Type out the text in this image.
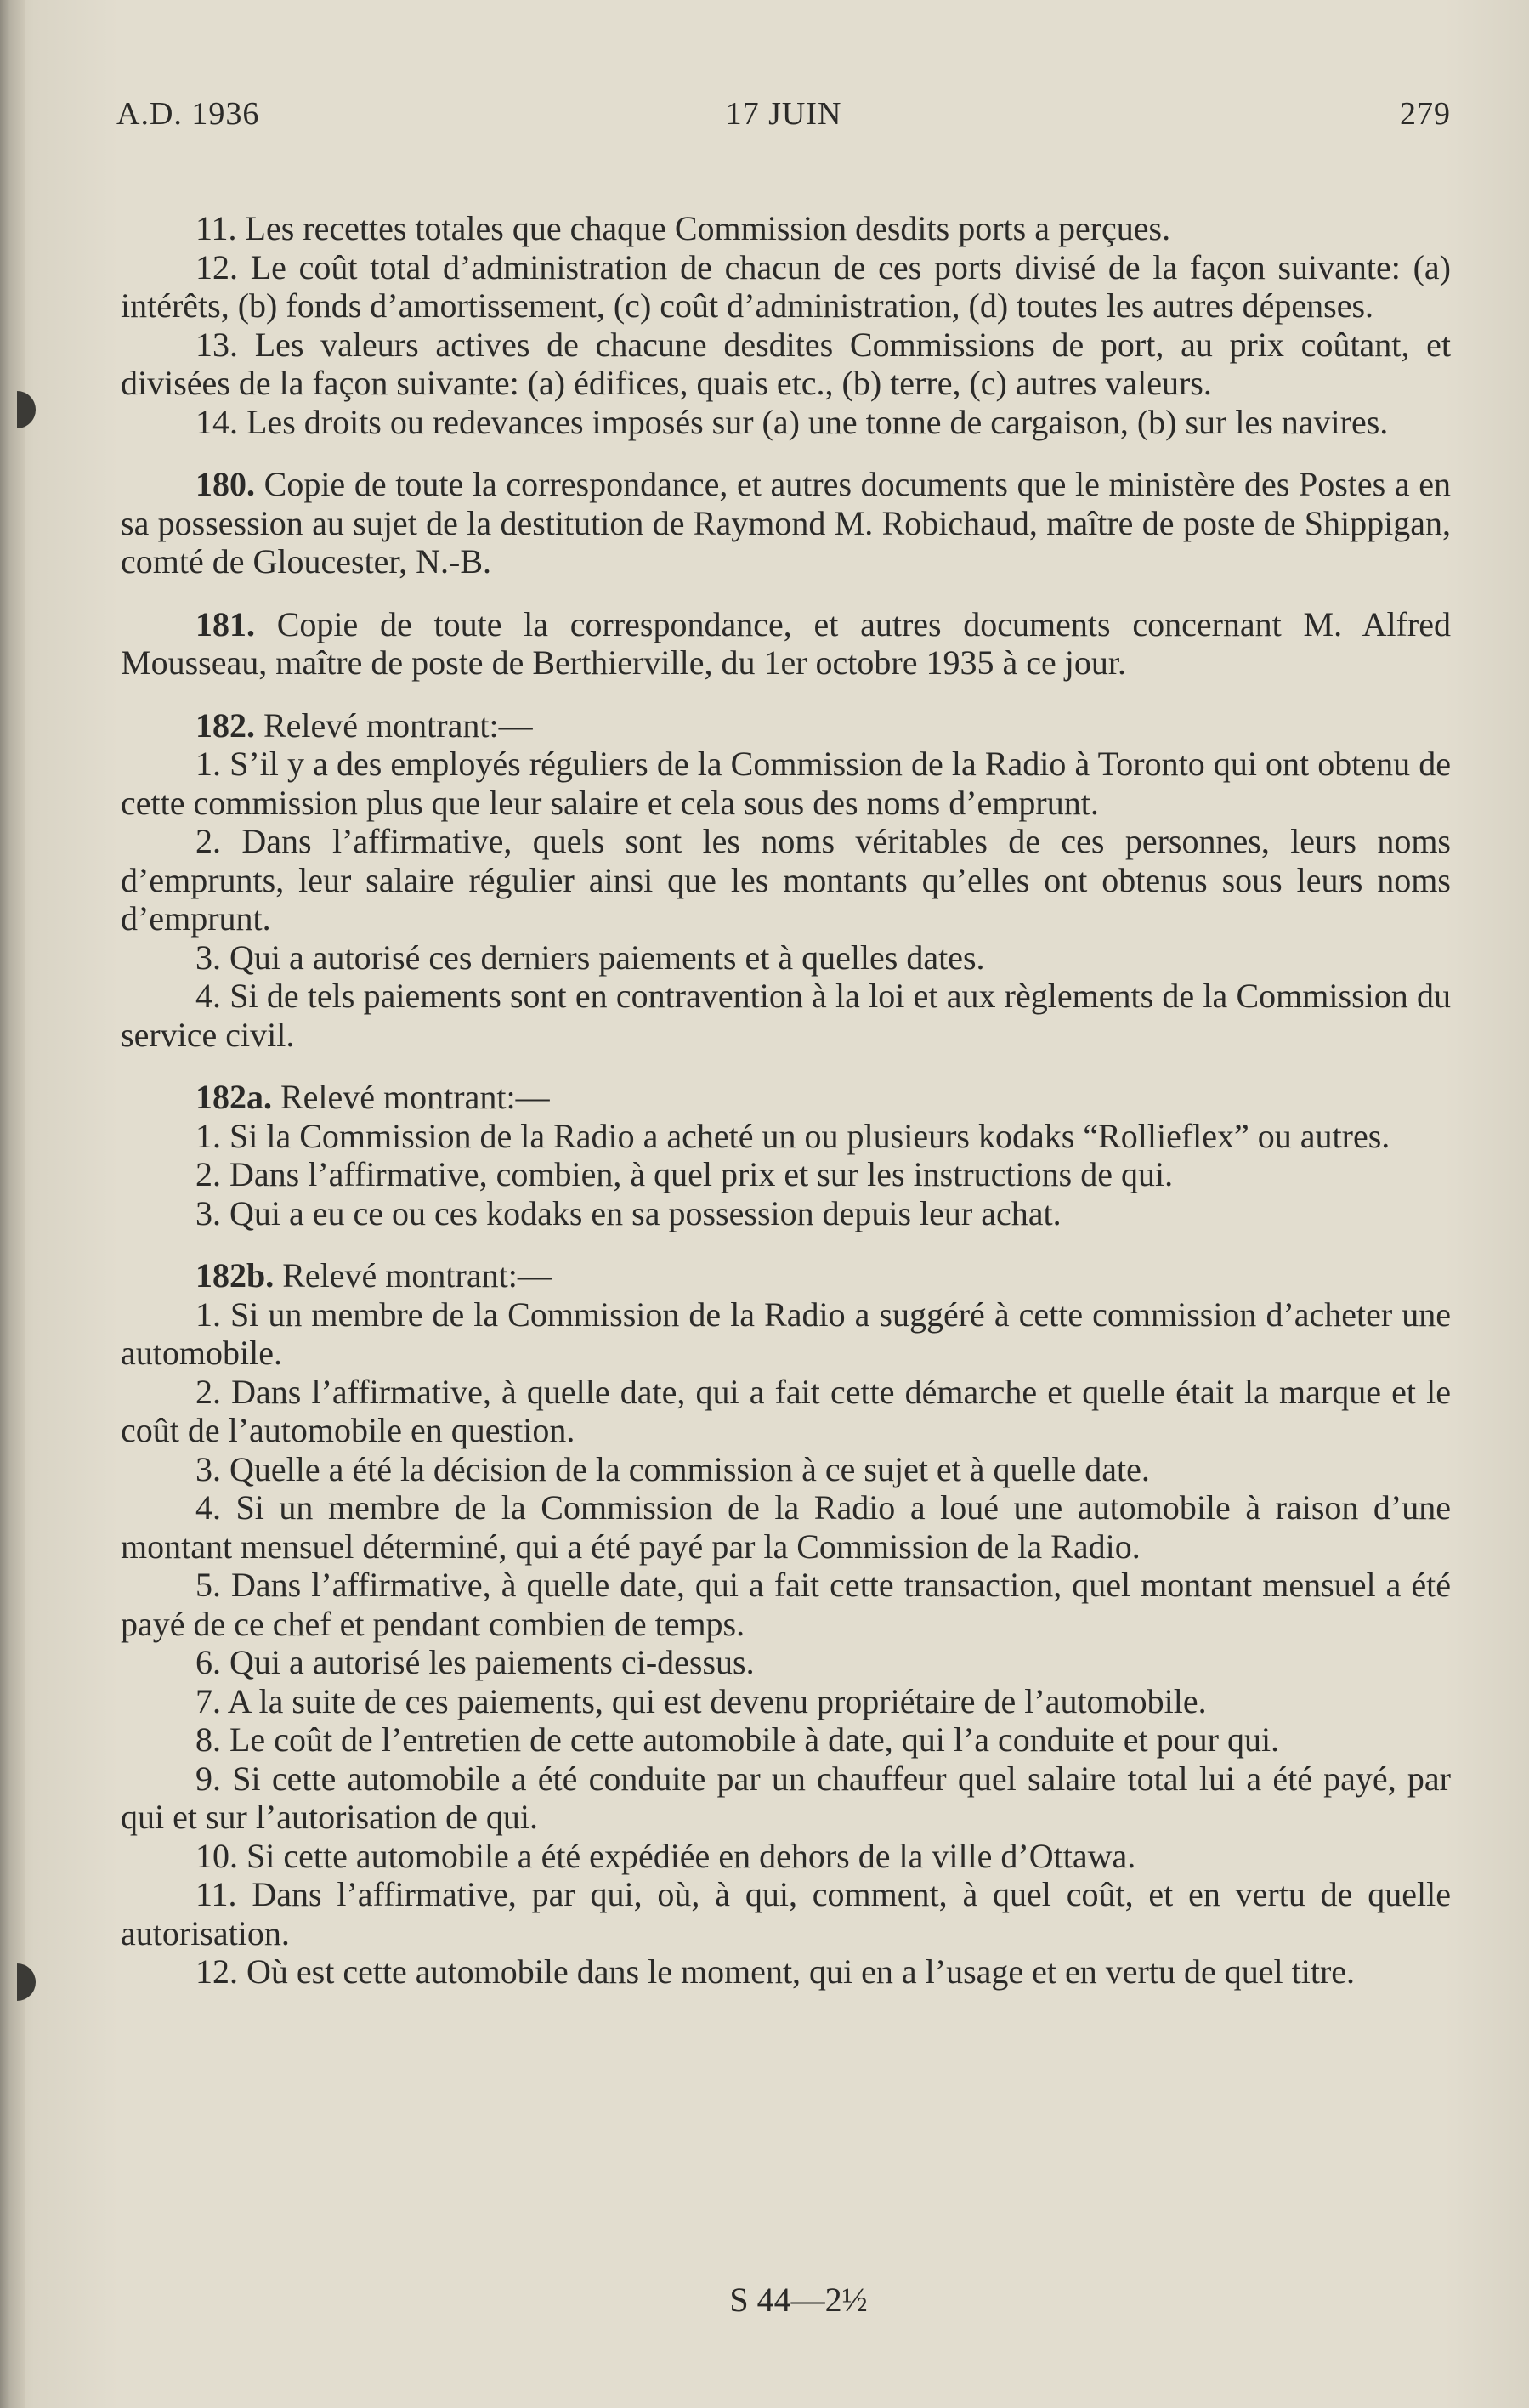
A.D. 1936	17 JUIN	279

11. Les recettes totales que chaque Commission desdits ports a perçues.

12. Le coût total d’administration de chacun de ces ports divisé de la façon suivante: (a) intérêts, (b) fonds d’amortissement, (c) coût d’administration, (d) toutes les autres dépenses.

13. Les valeurs actives de chacune desdites Commissions de port, au prix coûtant, et divisées de la façon suivante: (a) édifices, quais etc., (b) terre, (c) autres valeurs.

14. Les droits ou redevances imposés sur (a) une tonne de cargaison, (b) sur les navires.

180. Copie de toute la correspondance, et autres documents que le ministère des Postes a en sa possession au sujet de la destitution de Raymond M. Robichaud, maître de poste de Shippigan, comté de Gloucester, N.-B.

181. Copie de toute la correspondance, et autres documents concernant M. Alfred Mousseau, maître de poste de Berthierville, du 1er octobre 1935 à ce jour.

182. Relevé montrant:—

1. S’il y a des employés réguliers de la Commission de la Radio à Toronto qui ont obtenu de cette commission plus que leur salaire et cela sous des noms d’emprunt.

2. Dans l’affirmative, quels sont les noms véritables de ces personnes, leurs noms d’emprunts, leur salaire régulier ainsi que les montants qu’elles ont obtenus sous leurs noms d’emprunt.

3. Qui a autorisé ces derniers paiements et à quelles dates.

4. Si de tels paiements sont en contravention à la loi et aux règlements de la Commission du service civil.

182a. Relevé montrant:—

1. Si la Commission de la Radio a acheté un ou plusieurs kodaks “Rollieflex” ou autres.

2. Dans l’affirmative, combien, à quel prix et sur les instructions de qui.

3. Qui a eu ce ou ces kodaks en sa possession depuis leur achat.

182b. Relevé montrant:—

1. Si un membre de la Commission de la Radio a suggéré à cette commission d’acheter une automobile.

2. Dans l’affirmative, à quelle date, qui a fait cette démarche et quelle était la marque et le coût de l’automobile en question.

3. Quelle a été la décision de la commission à ce sujet et à quelle date.

4. Si un membre de la Commission de la Radio a loué une automobile à raison d’une montant mensuel déterminé, qui a été payé par la Commission de la Radio.

5. Dans l’affirmative, à quelle date, qui a fait cette transaction, quel montant mensuel a été payé de ce chef et pendant combien de temps.

6. Qui a autorisé les paiements ci-dessus.

7. A la suite de ces paiements, qui est devenu propriétaire de l’automobile.

8. Le coût de l’entretien de cette automobile à date, qui l’a conduite et pour qui.

9. Si cette automobile a été conduite par un chauffeur quel salaire total lui a été payé, par qui et sur l’autorisation de qui.

10. Si cette automobile a été expédiée en dehors de la ville d’Ottawa.

11. Dans l’affirmative, par qui, où, à qui, comment, à quel coût, et en vertu de quelle autorisation.

12. Où est cette automobile dans le moment, qui en a l’usage et en vertu de quel titre.

S 44—2½
